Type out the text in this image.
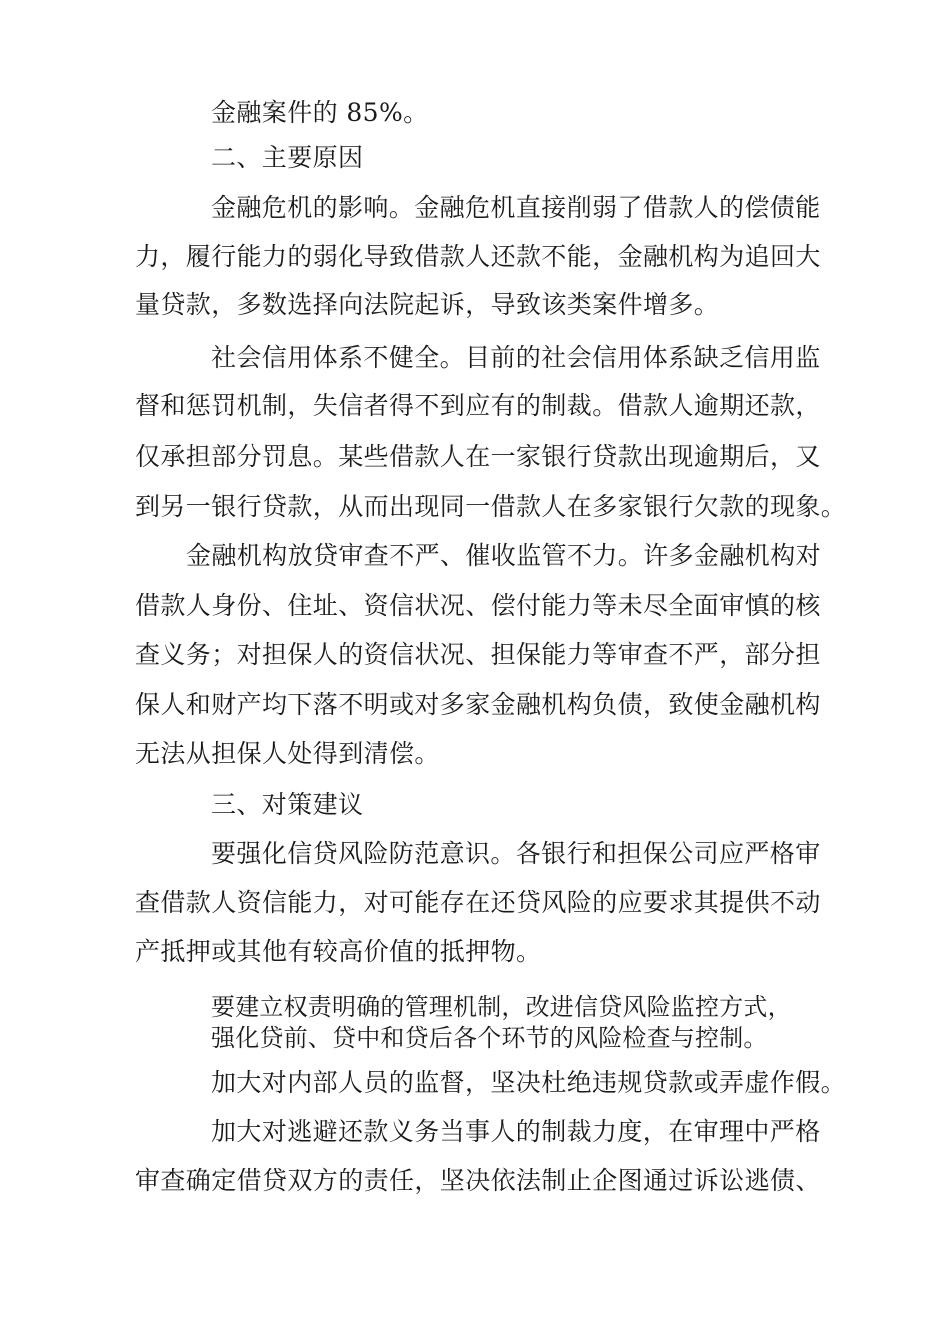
金融案件的 85%。
二、主要原因
金融危机的影响。金融危机直接削弱了借款人的偿债能
力，履行能力的弱化导致借款人还款不能，金融机构为追回大
量贷款，多数选择向法院起诉，导致该类案件增多。
社会信用体系不健全。目前的社会信用体系缺乏信用监
督和惩罚机制，失信者得不到应有的制裁。借款人逾期还款，
仅承担部分罚息。某些借款人在一家银行贷款出现逾期后，又
到另一银行贷款，从而出现同一借款人在多家银行欠款的现象。
金融机构放贷审查不严、催收监管不力。许多金融机构对
借款人身份、住址、资信状况、偿付能力等未尽全面审慎的核
查义务；对担保人的资信状况、担保能力等审查不严，部分担
保人和财产均下落不明或对多家金融机构负债，致使金融机构
无法从担保人处得到清偿。
三、对策建议
要强化信贷风险防范意识。各银行和担保公司应严格审
查借款人资信能力，对可能存在还贷风险的应要求其提供不动
产抵押或其他有较高价值的抵押物。
要建立权责明确的管理机制，改进信贷风险监控方式，
强化贷前、贷中和贷后各个环节的风险检查与控制。
加大对内部人员的监督，坚决杜绝违规贷款或弄虚作假。
加大对逃避还款义务当事人的制裁力度，在审理中严格
审查确定借贷双方的责任，坚决依法制止企图通过诉讼逃债、
